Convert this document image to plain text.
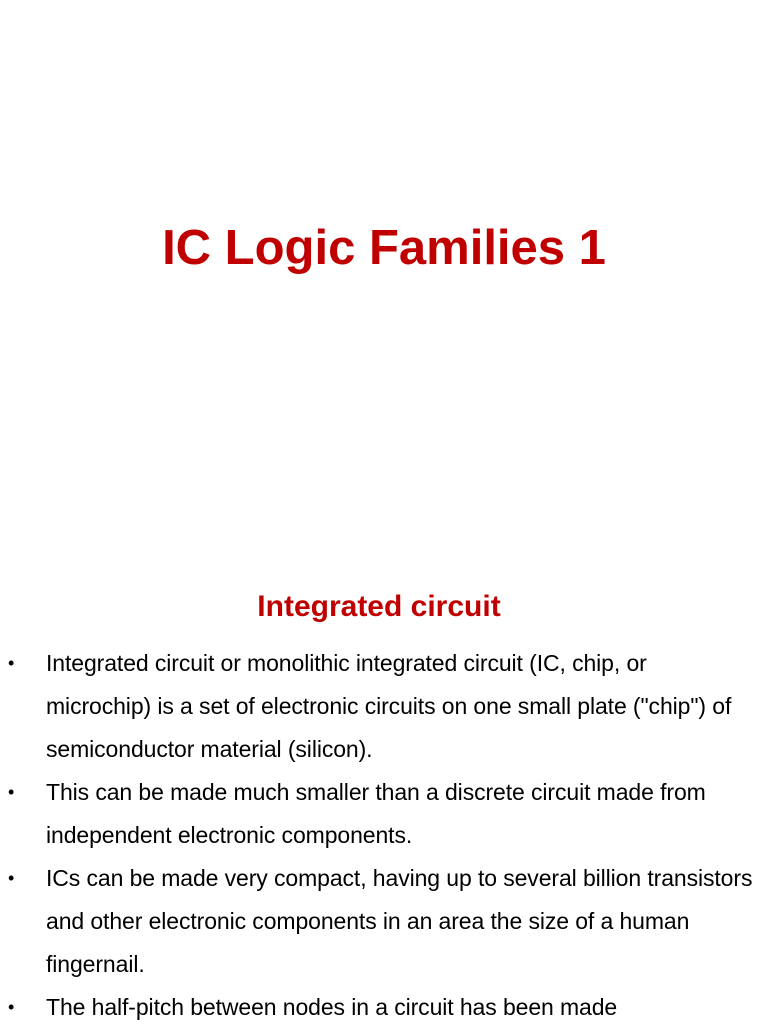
IC Logic Families 1
Integrated circuit
• Integrated circuit or monolithic integrated circuit (IC, chip, or microchip) is a set of electronic circuits on one small plate ("chip") of semiconductor material (silicon).
• This can be made much smaller than a discrete circuit made from independent electronic components.
• ICs can be made very compact, having up to several billion transistors and other electronic components in an area the size of a human fingernail.
• The half-pitch between nodes in a circuit has been made
